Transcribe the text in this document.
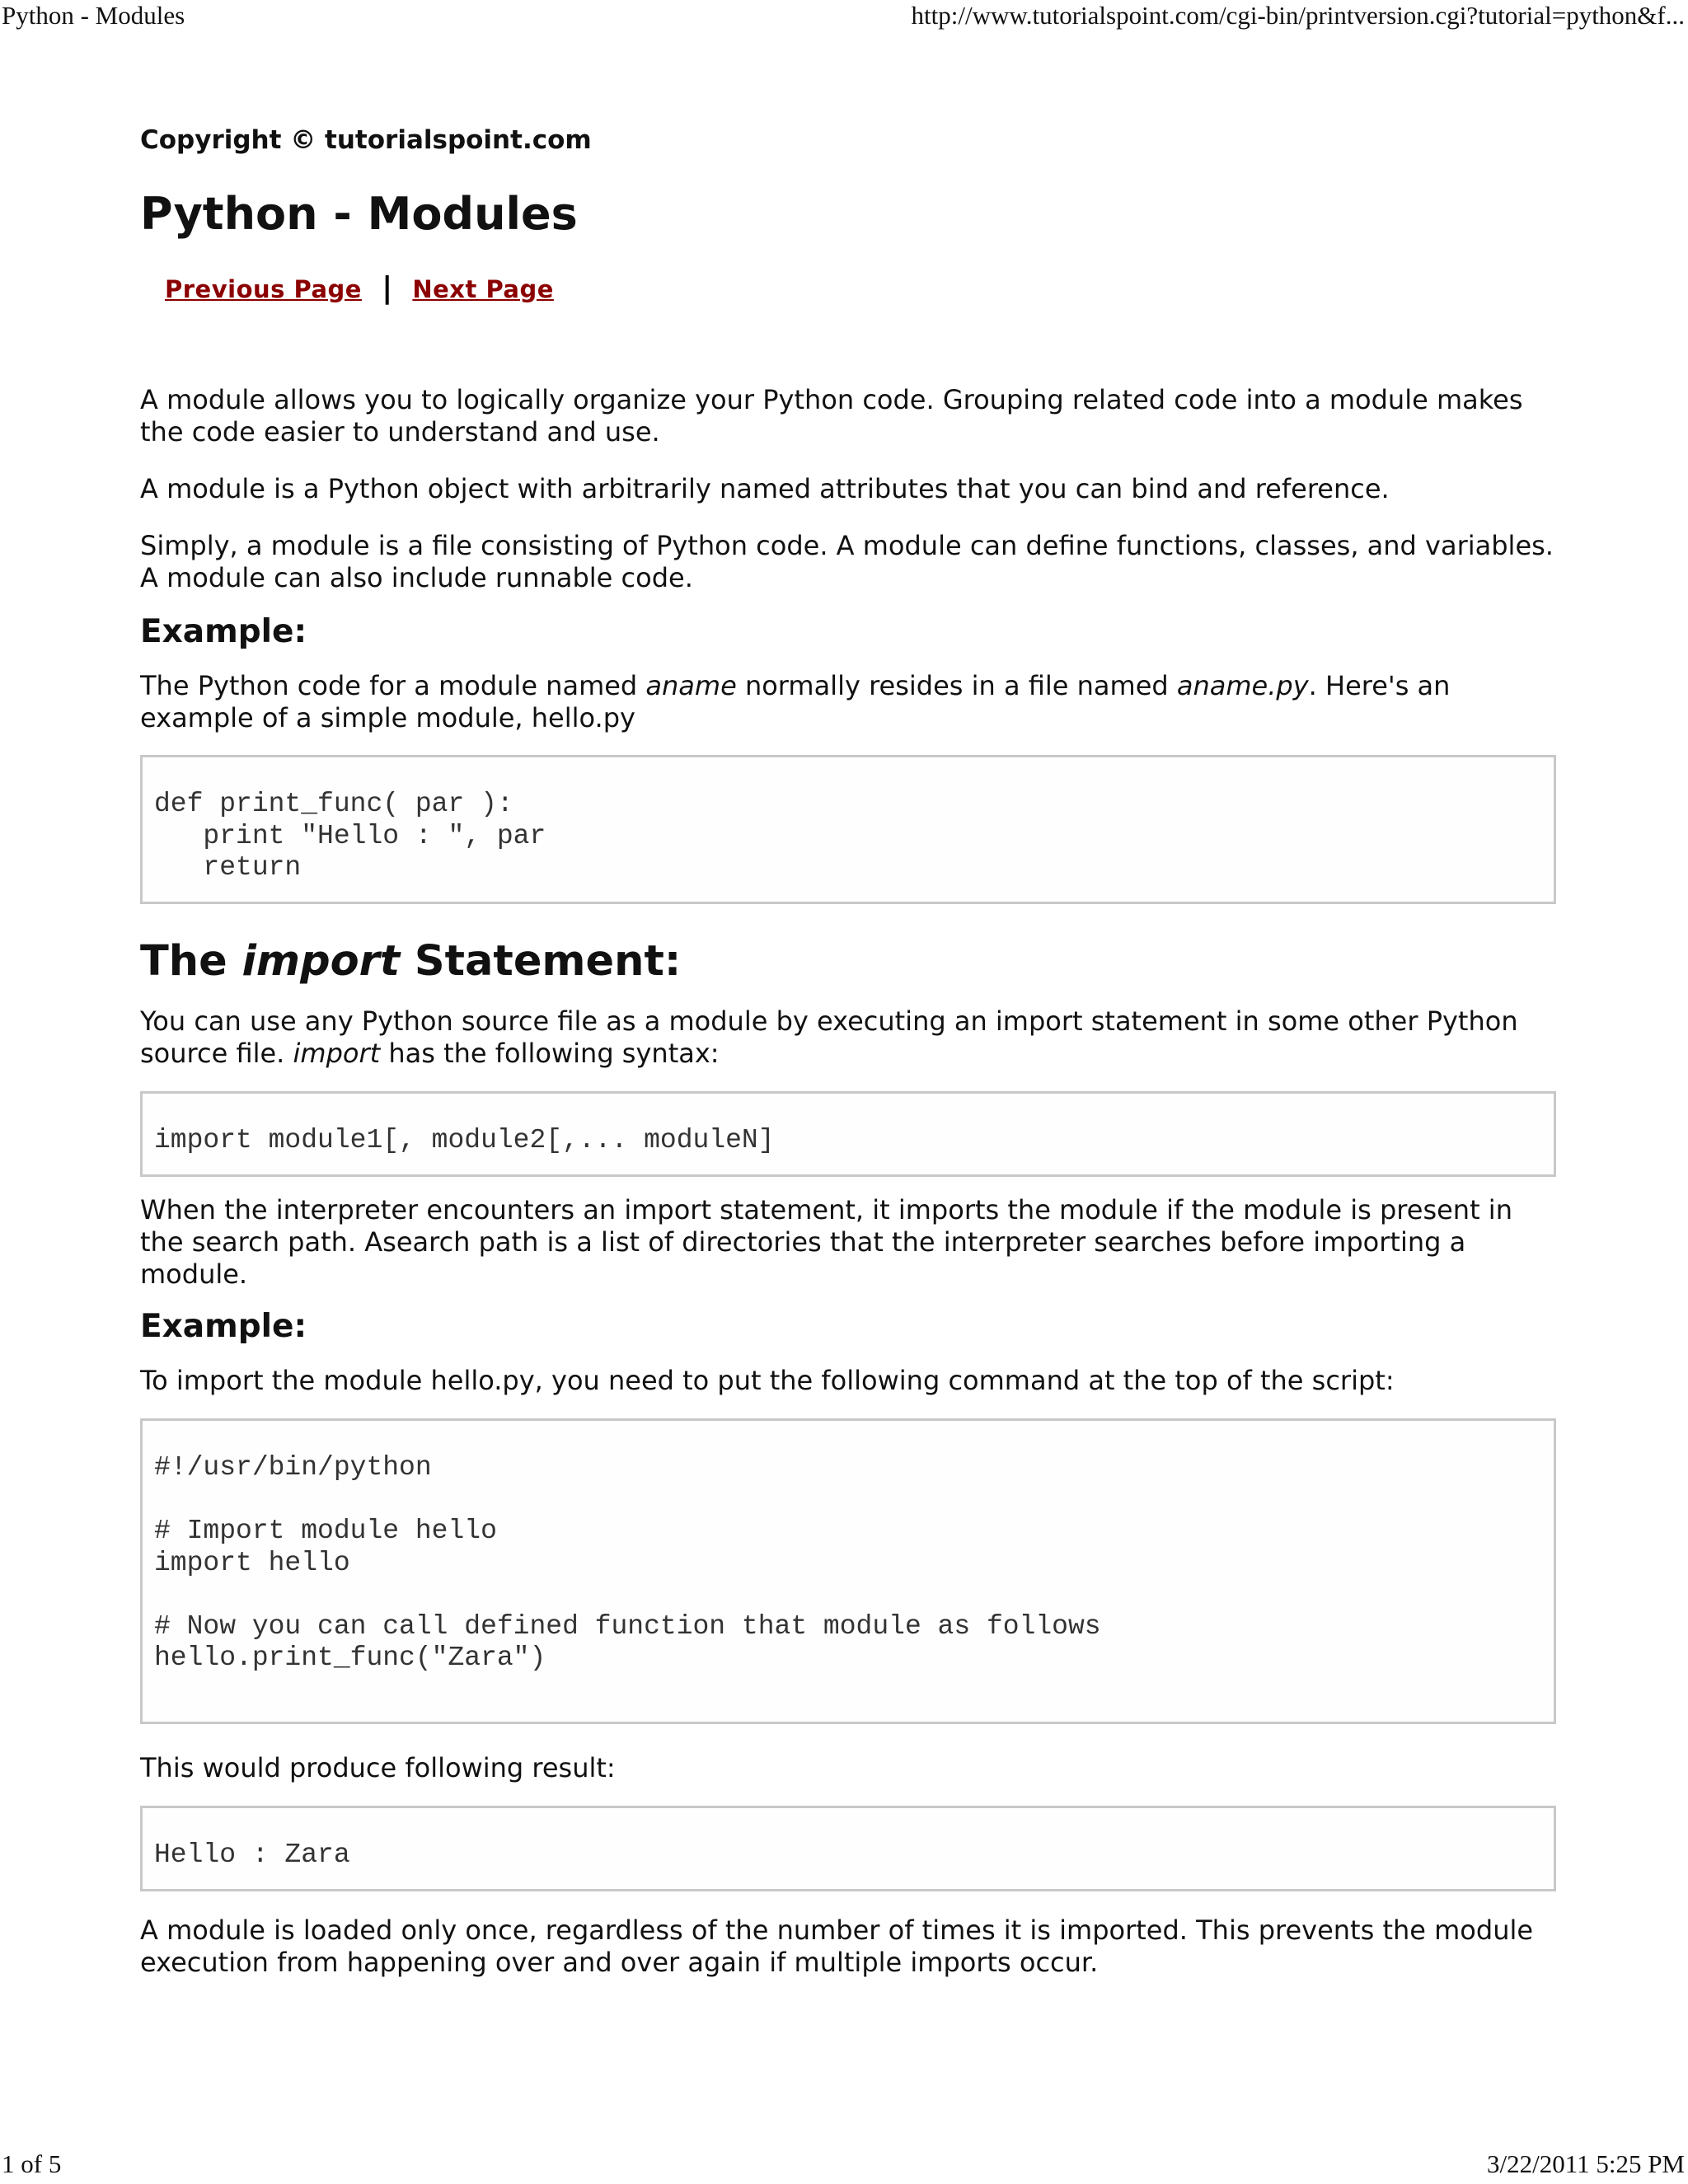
Python - Modules	http://www.tutorialspoint.com/cgi-bin/printversion.cgi?tutorial=python&f...
Copyright © tutorialspoint.com
Python - Modules
Previous Page | Next Page

A module allows you to logically organize your Python code. Grouping related code into a module makes the code easier to understand and use.

A module is a Python object with arbitrarily named attributes that you can bind and reference.

Simply, a module is a file consisting of Python code. A module can define functions, classes, and variables. A module can also include runnable code.

Example:

The Python code for a module named aname normally resides in a file named aname.py. Here's an example of a simple module, hello.py

def print_func( par ):
print "Hello : ", par
return
The import Statement:

You can use any Python source file as a module by executing an import statement in some other Python source file. import has the following syntax:

import module1[, module2[,... moduleN]

When the interpreter encounters an import statement, it imports the module if the module is present in the search path. Asearch path is a list of directories that the interpreter searches before importing a module.

Example:

To import the module hello.py, you need to put the following command at the top of the script:

#!/usr/bin/python

# Import module hello
import hello

# Now you can call defined function that module as follows
hello.print_func("Zara")

This would produce following result:

Hello : Zara

A module is loaded only once, regardless of the number of times it is imported. This prevents the module execution from happening over and over again if multiple imports occur.

1 of 5	3/22/2011 5:25 PM
